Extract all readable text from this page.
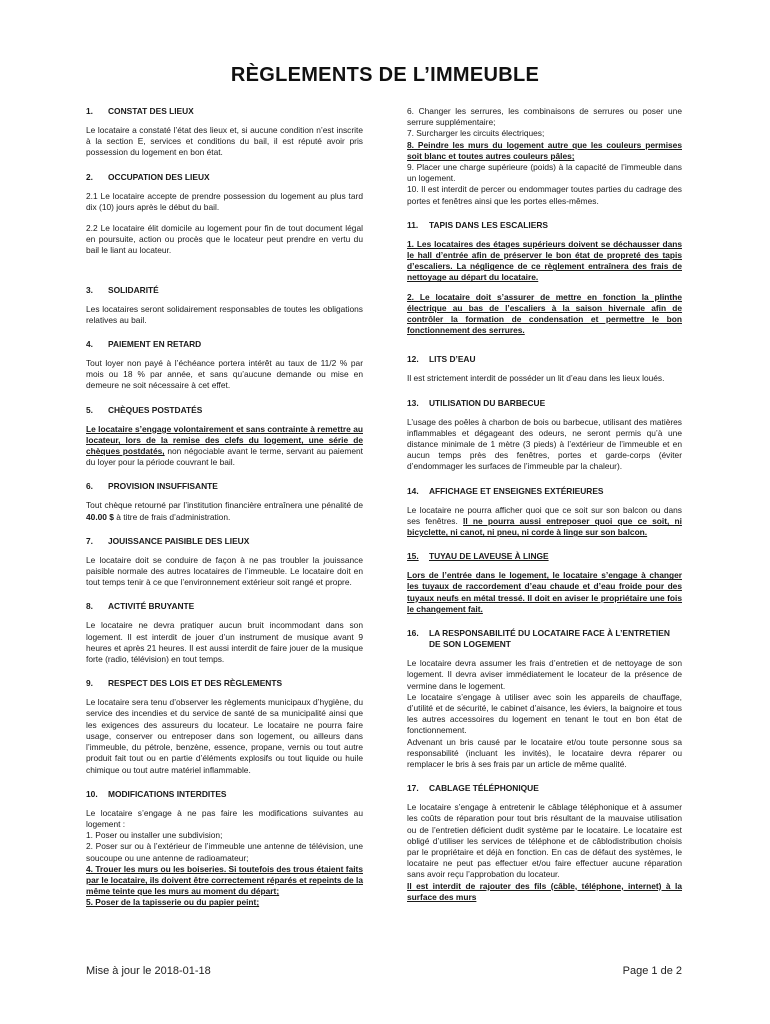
RÈGLEMENTS DE L’IMMEUBLE
1.	CONSTAT DES LIEUX

Le locataire a constaté l’état des lieux et, si aucune condition n’est inscrite à la section E, services et conditions du bail, il est réputé avoir pris possession du logement en bon état.

2.	OCCUPATION DES LIEUX

2.1 Le locataire accepte de prendre possession du logement au plus tard dix (10) jours après le début du bail.

2.2 Le locataire élit domicile au logement pour fin de tout document légal en poursuite, action ou procès que le locateur peut prendre en vertu du bail le liant au locateur.

3.	SOLIDARITÉ

Les locataires seront solidairement responsables de toutes les obligations relatives au bail.

4.	PAIEMENT EN RETARD

Tout loyer non payé à l’échéance portera intérêt au taux de 11/2 % par mois ou 18 % par année, et sans qu’aucune demande ou mise en demeure ne soit nécessaire à cet effet.

5.	CHÈQUES POSTDATÉS

Le locataire s’engage volontairement et sans contrainte à remettre au locateur, lors de la remise des clefs du logement, une série de chèques postdatés, non négociable avant le terme, servant au paiement du loyer pour la période couvrant le bail.

6.	PROVISION INSUFFISANTE

Tout chèque retourné par l’institution financière entraînera une pénalité de 40.00 $ à titre de frais d’administration.

7.	JOUISSANCE PAISIBLE DES LIEUX

Le locataire doit se conduire de façon à ne pas troubler la jouissance paisible normale des autres locataires de l’immeuble. Le locataire doit en tout temps tenir à ce que l’environnement extérieur soit rangé et propre.

8.	ACTIVITÉ BRUYANTE

Le locataire ne devra pratiquer aucun bruit incommodant dans son logement. Il est interdit de jouer d’un instrument de musique avant 9 heures et après 21 heures. Il est aussi interdit de faire jouer de la musique forte (radio, télévision) en tout temps.

9.	RESPECT DES LOIS ET DES RÈGLEMENTS

Le locataire sera tenu d’observer les règlements municipaux d’hygiène, du service des incendies et du service de santé de sa municipalité ainsi que les exigences des assureurs du locateur. Le locataire ne pourra faire usage, conserver ou entreposer dans son logement, ou ailleurs dans l’immeuble, du pétrole, benzène, essence, propane, vernis ou tout autre produit fait tout ou en partie d’éléments explosifs ou tout liquide ou huile chimique ou tout autre matériel inflammable.

10.	MODIFICATIONS INTERDITES

Le locataire s’engage à ne pas faire les modifications suivantes au logement :

1. Poser ou installer une subdivision;
2. Poser sur ou à l’extérieur de l’immeuble une antenne de télévision, une soucoupe ou une antenne de radioamateur;
4. Trouer les murs ou les boiseries. Si toutefois des trous étaient faits par le locataire, ils doivent être correctement réparés et repeints de la même teinte que les murs au moment du départ;
5. Poser de la tapisserie ou du papier peint;
6. Changer les serrures, les combinaisons de serrures ou poser une serrure supplémentaire;
7. Surcharger les circuits électriques;
8. Peindre les murs du logement autre que les couleurs permises soit blanc et toutes autres couleurs pâles;
9. Placer une charge supérieure (poids) à la capacité de l’immeuble dans un logement.
10. Il est interdit de percer ou endommager toutes parties du cadrage des portes et fenêtres ainsi que les portes elles-mêmes.
11.	TAPIS DANS LES ESCALIERS

1. Les locataires des étages supérieurs doivent se déchausser dans le hall d’entrée afin de préserver le bon état de propreté des tapis d’escaliers. La négligence de ce règlement entraînera des frais de nettoyage au départ du locataire.

2. Le locataire doit s’assurer de mettre en fonction la plinthe électrique au bas de l’escaliers à la saison hivernale afin de contrôler la formation de condensation et permettre le bon fonctionnement des serrures.

12.	LITS D’EAU

Il est strictement interdit de posséder un lit d’eau dans les lieux loués.

13.	UTILISATION DU BARBECUE

L’usage des poêles à charbon de bois ou barbecue, utilisant des matières inflammables et dégageant des odeurs, ne seront permis qu’à une distance minimale de 1 mètre (3 pieds) à l’extérieur de l’immeuble et en aucun temps près des fenêtres, portes et garde-corps (éviter d’endommager les surfaces de l’immeuble par la chaleur).

14.	AFFICHAGE ET ENSEIGNES EXTÉRIEURES

Le locataire ne pourra afficher quoi que ce soit sur son balcon ou dans ses fenêtres. Il ne pourra aussi entreposer quoi que ce soit, ni bicyclette, ni canot, ni pneu, ni corde à linge sur son balcon.

15.	TUYAU DE LAVEUSE À LINGE

Lors de l’entrée dans le logement, le locataire s’engage à changer les tuyaux de raccordement d’eau chaude et d’eau froide pour des tuyaux neufs en métal tressé. Il doit en aviser le propriétaire une fois le changement fait.

16.	LA RESPONSABILITÉ DU LOCATAIRE FACE À L’ENTRETIEN DE SON LOGEMENT
Le locataire devra assumer les frais d’entretien et de nettoyage de son logement. Il devra aviser immédiatement le locateur de la présence de vermine dans le logement.
Le locataire s’engage à utiliser avec soin les appareils de chauffage, d’utilité et de sécurité, le cabinet d’aisance, les éviers, la baignoire et tous les autres accessoires du logement en tenant le tout en bon état de fonctionnement.
Advenant un bris causé par le locataire et/ou toute personne sous sa responsabilité (incluant les invités), le locataire devra réparer ou remplacer le bris à ses frais par un article de même qualité.
17.	CABLAGE TÉLÉPHONIQUE
Le locataire s’engage à entretenir le câblage téléphonique et à assumer les coûts de réparation pour tout bris résultant de la mauvaise utilisation ou de l’entretien déficient dudit système par le locataire. Le locataire est obligé d’utiliser les services de téléphone et de câblodistribution choisis par le propriétaire et déjà en fonction. En cas de défaut des systèmes, le locataire ne peut pas effectuer et/ou faire effectuer aucune réparation sans avoir reçu l’approbation du locateur.
Il est interdit de rajouter des fils (câble, téléphone, internet) à la surface des murs
Mise à jour le 2018-01-18	Page 1 de 2
